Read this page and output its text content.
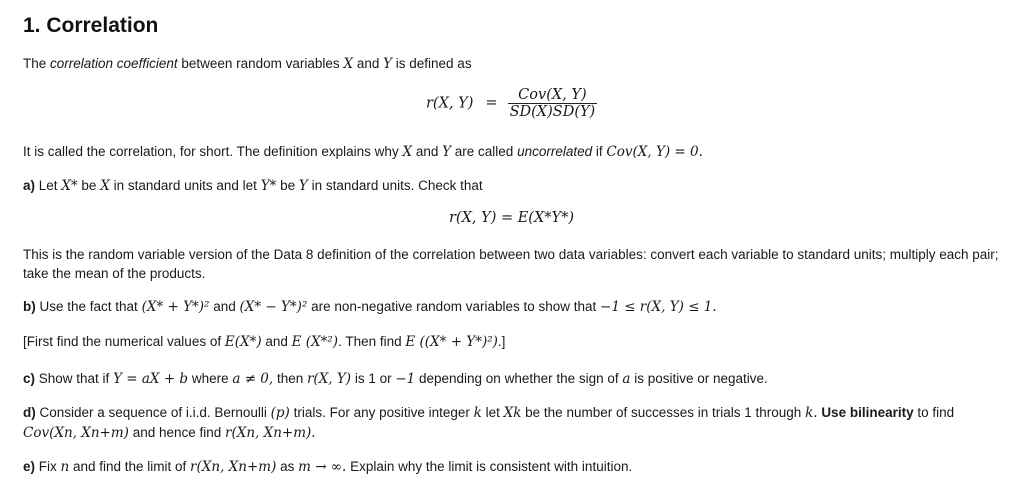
1. Correlation
The correlation coefficient between random variables X and Y is defined as
r(X, $Y) = \frac{\text{Cov(X, Y)}}{SD(X)SD(Y)}$
It is called the correlation, for short. The definition explains why X and Y are called uncorrelated if Cov(X, Y) = 0.
a) Let X* be X in standard units and let Y* be Y in standard units. Check that
r(X, Y) = E(X*Y*)
This is the random variable version of the Data 8 definition of the correlation between two data variables: convert each variable to standard units; multiply each pair; take the mean of the products.
b) Use the fact that (X* + Y*)² and (X* − Y*)² are non-negative random variables to show that −1 ≤ r(X, Y) ≤ 1.
[First find the numerical values of E(X*) and E (X*²). Then find E ((X* + Y*)²).]
c) Show that if Y = aX + b where a ≠ 0, then r(X, Y) is 1 or −1 depending on whether the sign of a is positive or negative.
d) Consider a sequence of i.i.d. Bernoulli (p) trials. For any positive integer k let Xk be the number of successes in trials 1 through k. Use bilinearity to find
Cov(Xn, Xn+m) and hence find r(Xn, Xn+m).
e) Fix n and find the limit of r(Xn, Xn+m) as m → ∞. Explain why the limit is consistent with intuition.
